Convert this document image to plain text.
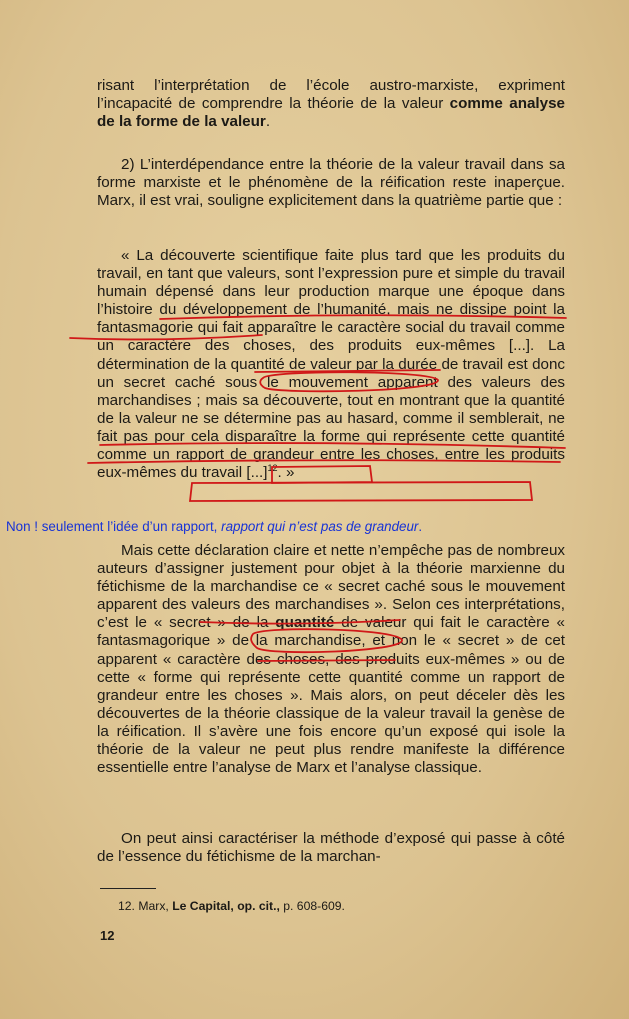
risant l’interprétation de l’école austro-marxiste, expriment l’incapacité de comprendre la théorie de la valeur comme analyse de la forme de la valeur.
2) L’interdépendance entre la théorie de la valeur travail dans sa forme marxiste et le phénomène de la réification reste inaperçue. Marx, il est vrai, souligne explicitement dans la quatrième partie que :
« La découverte scientifique faite plus tard que les produits du travail, en tant que valeurs, sont l’expression pure et simple du travail humain dépensé dans leur production marque une époque dans l’histoire du développement de l’humanité, mais ne dissipe point la fantasmagorie qui fait apparaître le caractère social du travail comme un caractère des choses, des produits eux-mêmes [...]. La détermination de la quantité de valeur par la durée de travail est donc un secret caché sous le mouvement apparent des valeurs des marchandises ; mais sa découverte, tout en montrant que la quantité de la valeur ne se détermine pas au hasard, comme il semblerait, ne fait pas pour cela disparaître la forme qui représente cette quantité comme un rapport de grandeur entre les choses, entre les produits eux-mêmes du travail [...]$^{12}$. »
Non ! seulement l’idée d’un rapport, rapport qui n’est pas de grandeur.
Mais cette déclaration claire et nette n’empêche pas de nombreux auteurs d’assigner justement pour objet à la théorie marxienne du fétichisme de la marchandise ce « secret caché sous le mouvement apparent des valeurs des marchandises ». Selon ces interprétations, c’est le « secret » de la quantité de valeur qui fait le caractère « fantasmagorique » de la marchandise, et non le « secret » de cet apparent « caractère des choses, des produits eux-mêmes » ou de cette « forme qui représente cette quantité comme un rapport de grandeur entre les choses ». Mais alors, on peut déceler dès les découvertes de la théorie classique de la valeur travail la genèse de la réification. Il s’avère une fois encore qu’un exposé qui isole la théorie de la valeur ne peut plus rendre manifeste la différence essentielle entre l’analyse de Marx et l’analyse classique.
On peut ainsi caractériser la méthode d’exposé qui passe à côté de l’essence du fétichisme de la marchan-
12. Marx, Le Capital, op. cit., p. 608-609.
12
